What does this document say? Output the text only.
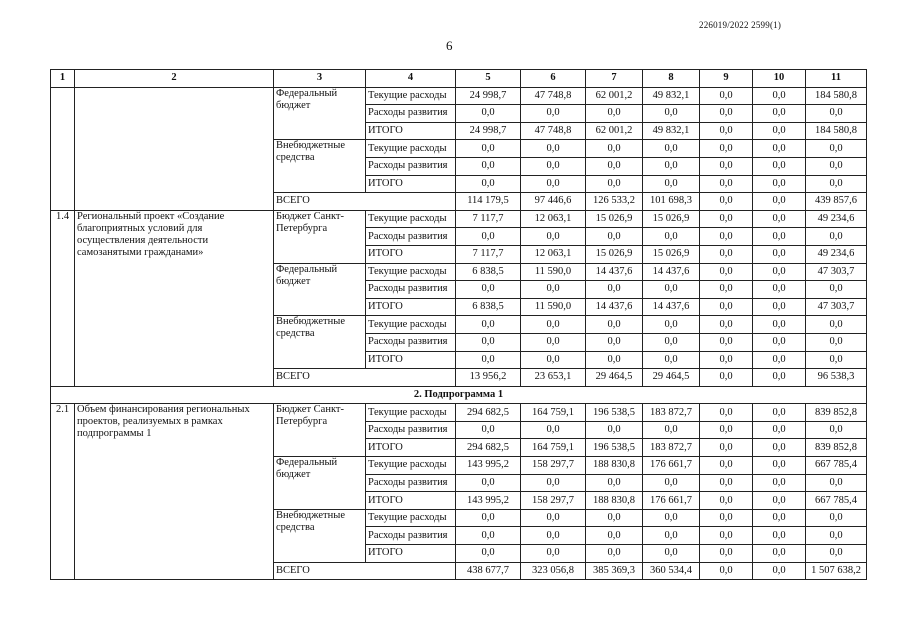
226019/2022 2599(1)
6
1	2	3	4	5	6	7	8	9	10	11
		Федеральный бюджет	Текущие расходы	24 998,7	47 748,8	62 001,2	49 832,1	0,0	0,0	184 580,8
			Расходы развития	0,0	0,0	0,0	0,0	0,0	0,0	0,0
			ИТОГО	24 998,7	47 748,8	62 001,2	49 832,1	0,0	0,0	184 580,8
		Внебюджетные средства	Текущие расходы	0,0	0,0	0,0	0,0	0,0	0,0	0,0
			Расходы развития	0,0	0,0	0,0	0,0	0,0	0,0	0,0
			ИТОГО	0,0	0,0	0,0	0,0	0,0	0,0	0,0
		ВСЕГО		114 179,5	97 446,6	126 533,2	101 698,3	0,0	0,0	439 857,6
1.4	Региональный проект «Создание благоприятных условий для осуществления деятельности самозанятыми гражданами»	Бюджет Санкт-Петербурга	Текущие расходы	7 117,7	12 063,1	15 026,9	15 026,9	0,0	0,0	49 234,6
			Расходы развития	0,0	0,0	0,0	0,0	0,0	0,0	0,0
			ИТОГО	7 117,7	12 063,1	15 026,9	15 026,9	0,0	0,0	49 234,6
		Федеральный бюджет	Текущие расходы	6 838,5	11 590,0	14 437,6	14 437,6	0,0	0,0	47 303,7
			Расходы развития	0,0	0,0	0,0	0,0	0,0	0,0	0,0
			ИТОГО	6 838,5	11 590,0	14 437,6	14 437,6	0,0	0,0	47 303,7
		Внебюджетные средства	Текущие расходы	0,0	0,0	0,0	0,0	0,0	0,0	0,0
			Расходы развития	0,0	0,0	0,0	0,0	0,0	0,0	0,0
			ИТОГО	0,0	0,0	0,0	0,0	0,0	0,0	0,0
		ВСЕГО		13 956,2	23 653,1	29 464,5	29 464,5	0,0	0,0	96 538,3
2. Подпрограмма 1										
2.1	Объем финансирования региональных проектов, реализуемых в рамках подпрограммы 1	Бюджет Санкт-Петербурга	Текущие расходы	294 682,5	164 759,1	196 538,5	183 872,7	0,0	0,0	839 852,8
			Расходы развития	0,0	0,0	0,0	0,0	0,0	0,0	0,0
			ИТОГО	294 682,5	164 759,1	196 538,5	183 872,7	0,0	0,0	839 852,8
		Федеральный бюджет	Текущие расходы	143 995,2	158 297,7	188 830,8	176 661,7	0,0	0,0	667 785,4
			Расходы развития	0,0	0,0	0,0	0,0	0,0	0,0	0,0
			ИТОГО	143 995,2	158 297,7	188 830,8	176 661,7	0,0	0,0	667 785,4
		Внебюджетные средства	Текущие расходы	0,0	0,0	0,0	0,0	0,0	0,0	0,0
			Расходы развития	0,0	0,0	0,0	0,0	0,0	0,0	0,0
			ИТОГО	0,0	0,0	0,0	0,0	0,0	0,0	0,0
		ВСЕГО		438 677,7	323 056,8	385 369,3	360 534,4	0,0	0,0	1 507 638,2
